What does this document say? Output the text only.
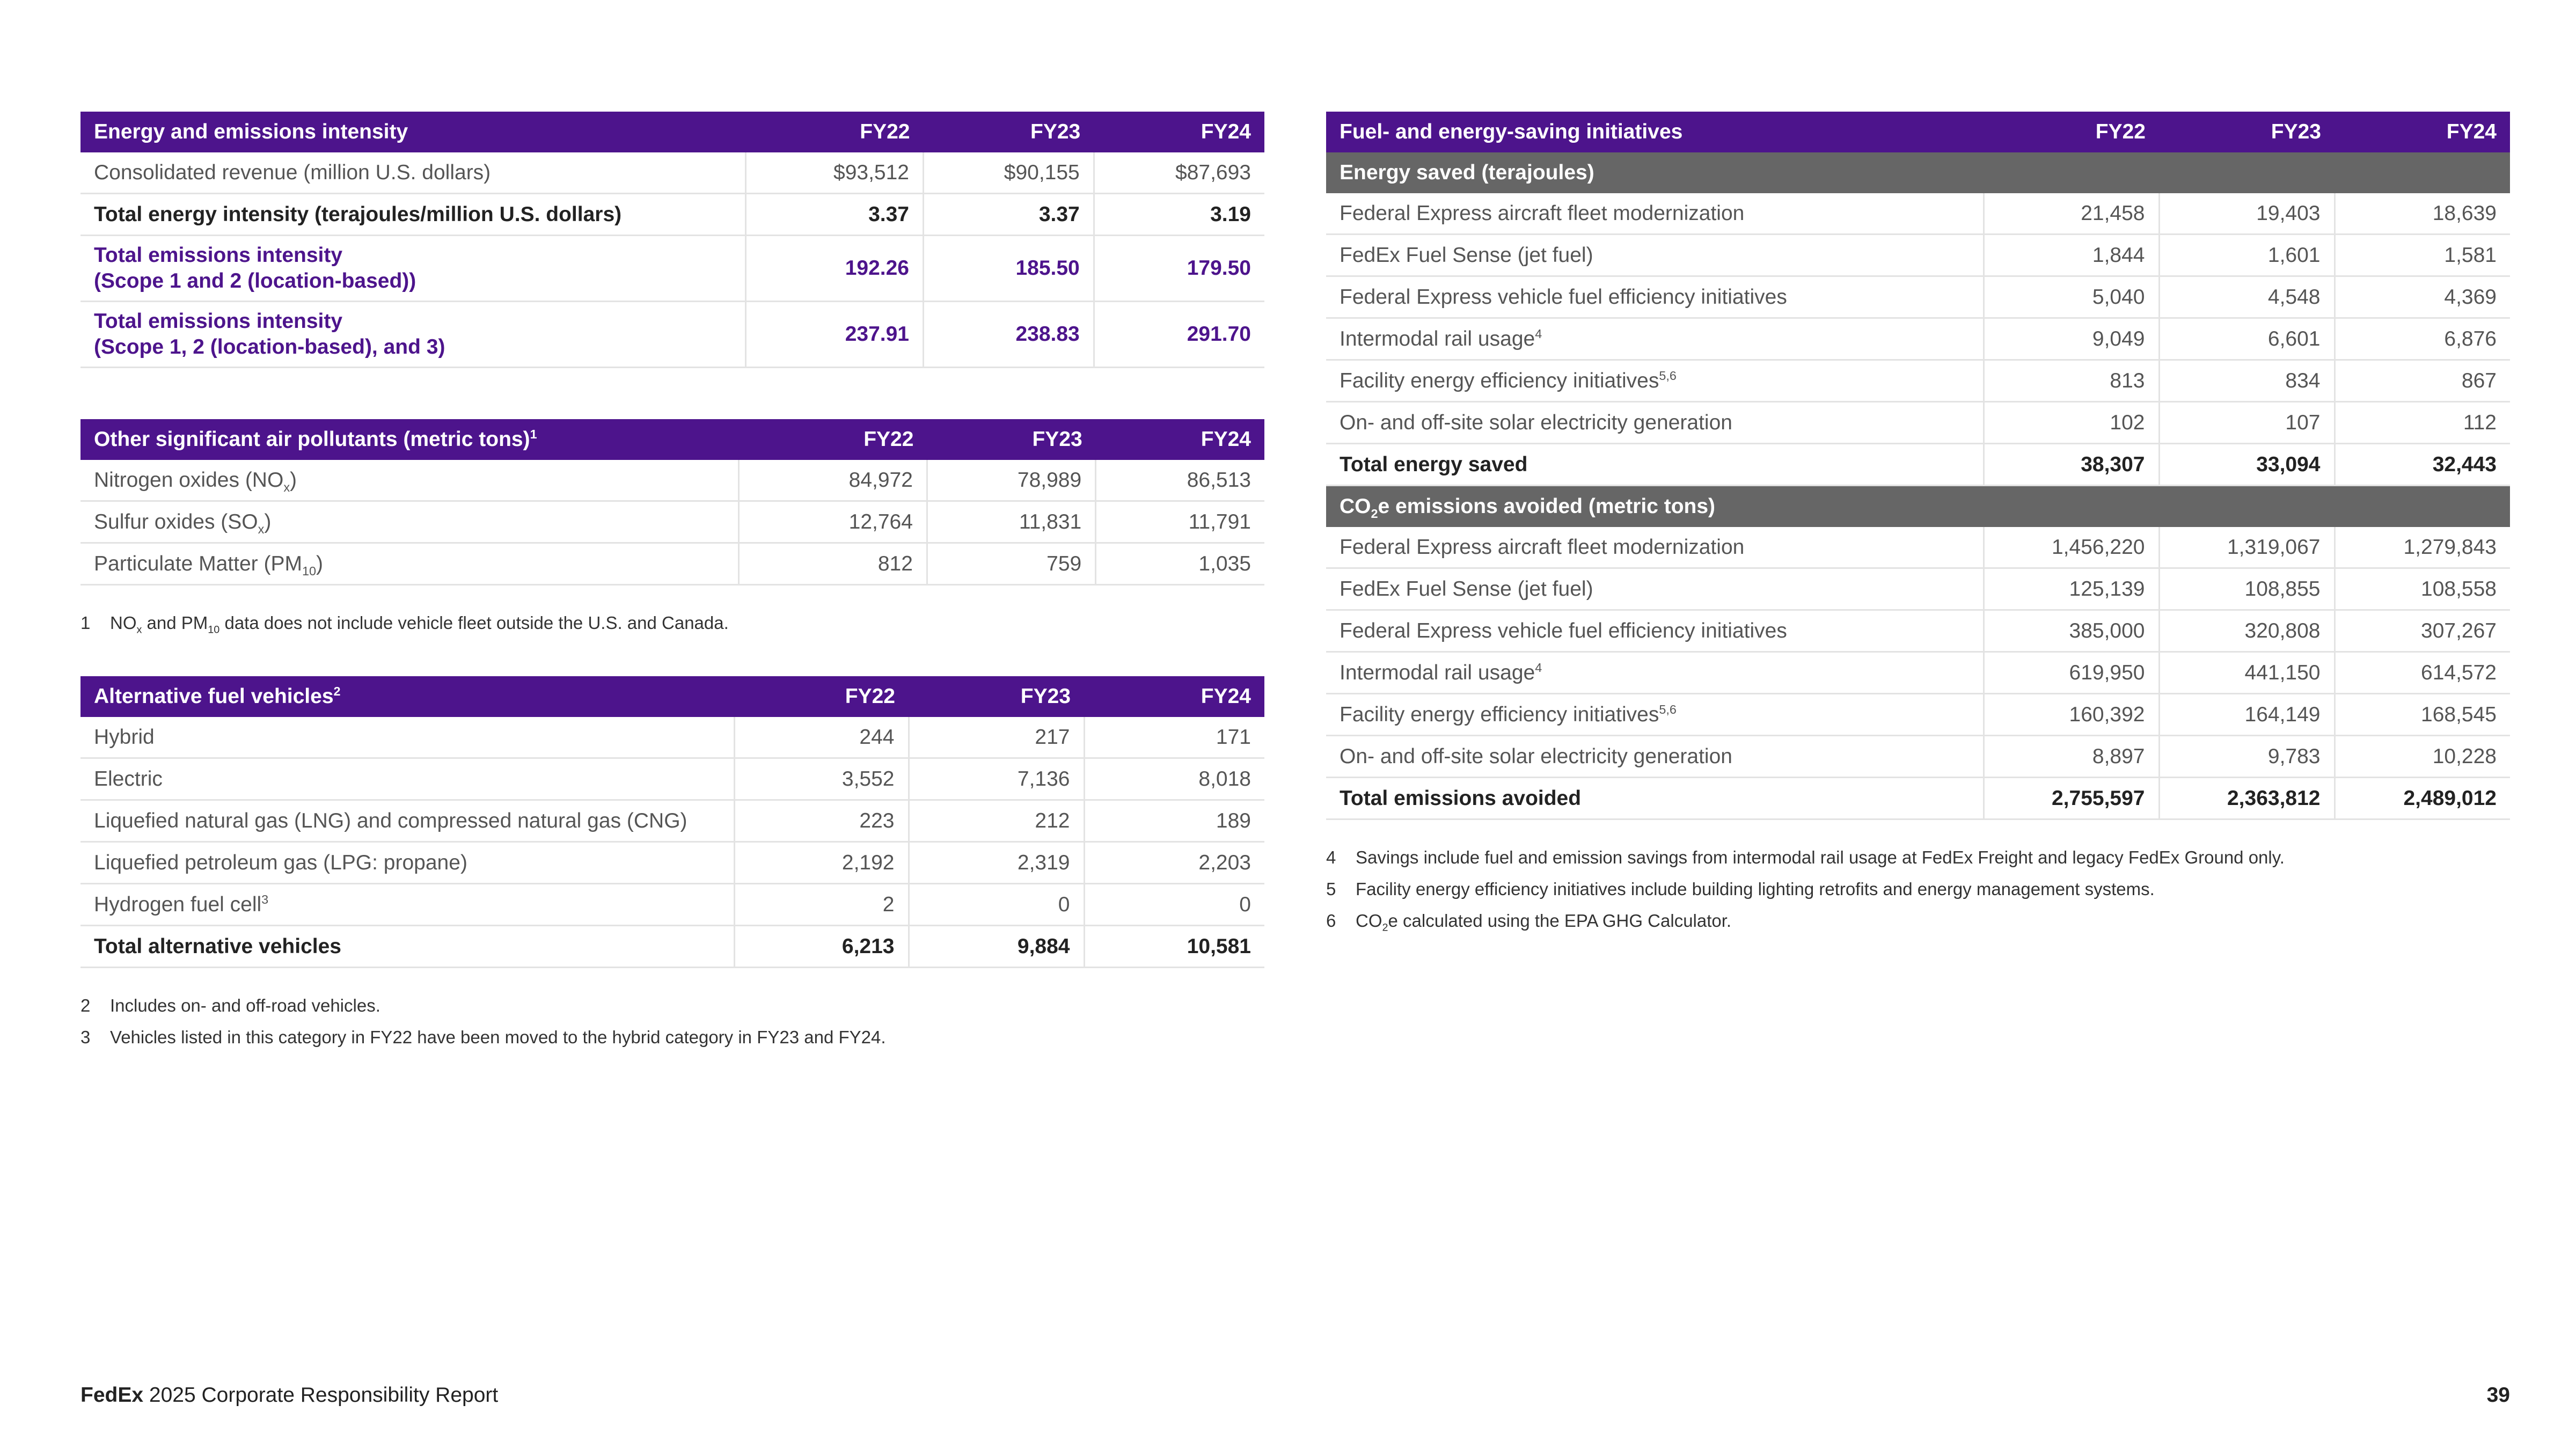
Energy and emissions intensity	FY22	FY23	FY24
Consolidated revenue (million U.S. dollars)	$93,512	$90,155	$87,693
Total energy intensity (terajoules/million U.S. dollars)	3.37	3.37	3.19
Total emissions intensity
(Scope 1 and 2 (location-based))	192.26	185.50	179.50
Total emissions intensity
(Scope 1, 2 (location-based), and 3)	237.91	238.83	291.70
Other significant air pollutants (metric tons)$^1$	FY22	FY23	FY24
Nitrogen oxides $(NO_x)$	84,972	78,989	86,513
Sulfur oxides $(SO_x)$	12,764	11,831	11,791
Particulate Matter $(PM_{10})$	812	759	1,035
1	$NO_x$ and $PM_{10}$ data does not include vehicle fleet outside the U.S. and Canada.
Alternative fuel vehicles$^2$	FY22	FY23	FY24
Hybrid	244	217	171
Electric	3,552	7,136	8,018
Liquefied natural gas (LNG) and compressed natural gas (CNG)	223	212	189
Liquefied petroleum gas (LPG: propane)	2,192	2,319	2,203
Hydrogen fuel cell$^3$	2	0	0
Total alternative vehicles	6,213	9,884	10,581
2	Includes on- and off-road vehicles.
3	Vehicles listed in this category in FY22 have been moved to the hybrid category in FY23 and FY24.
Fuel- and energy-saving initiatives	FY22	FY23	FY24
Energy saved (terajoules)			
Federal Express aircraft fleet modernization	21,458	19,403	18,639
FedEx Fuel Sense (jet fuel)	1,844	1,601	1,581
Federal Express vehicle fuel efficiency initiatives	5,040	4,548	4,369
Intermodal rail usage$^4$	9,049	6,601	6,876
Facility energy efficiency initiatives$^{5,6}$	813	834	867
On- and off-site solar electricity generation	102	107	112
Total energy saved	38,307	33,094	32,443
$CO_2e$ emissions avoided (metric tons)			
Federal Express aircraft fleet modernization	1,456,220	1,319,067	1,279,843
FedEx Fuel Sense (jet fuel)	125,139	108,855	108,558
Federal Express vehicle fuel efficiency initiatives	385,000	320,808	307,267
Intermodal rail usage$^4$	619,950	441,150	614,572
Facility energy efficiency initiatives$^{5,6}$	160,392	164,149	168,545
On- and off-site solar electricity generation	8,897	9,783	10,228
Total emissions avoided	2,755,597	2,363,812	2,489,012
4	Savings include fuel and emission savings from intermodal rail usage at FedEx Freight and legacy FedEx Ground only.
5	Facility energy efficiency initiatives include building lighting retrofits and energy management systems.
6	$CO_2e$ calculated using the EPA GHG Calculator.
FedEx 2025 Corporate Responsibility Report	39
